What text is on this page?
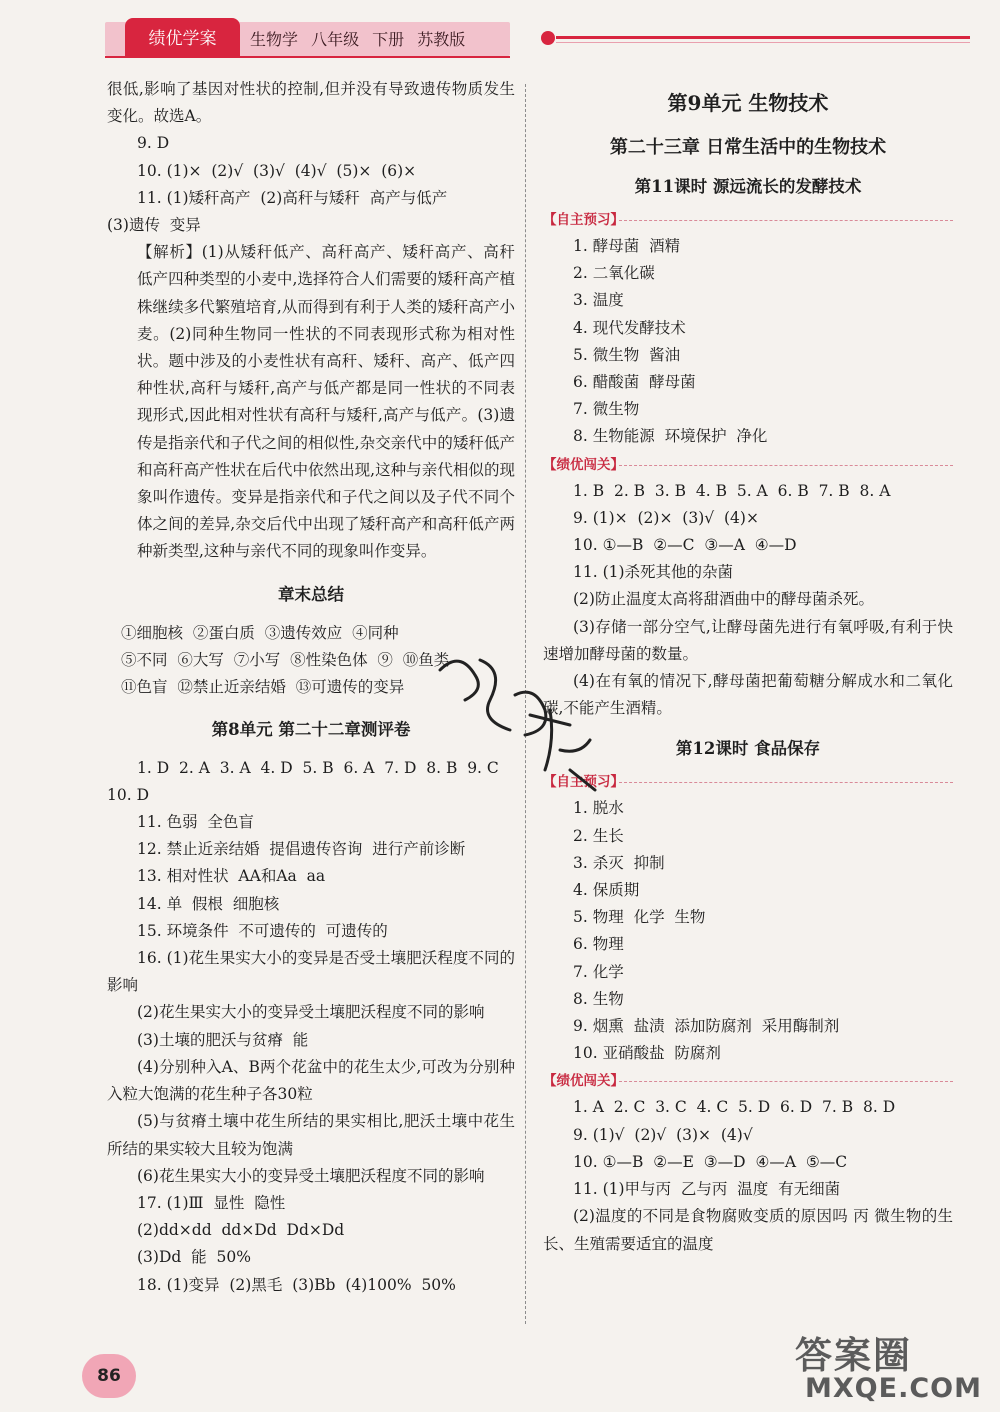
绩优学案	生物学 八年级 下册 苏教版

很低,影响了基因对性状的控制,但并没有导致遗传物质发生变化。故选A。

9. D

10. (1)×  (2)√  (3)√  (4)√  (5)×  (6)×

11. (1)矮秆高产  (2)高秆与矮秆  高产与低产

(3)遗传  变异

【解析】(1)从矮秆低产、高秆高产、矮秆高产、高秆低产四种类型的小麦中,选择符合人们需要的矮秆高产植株继续多代繁殖培育,从而得到有利于人类的矮秆高产小麦。(2)同种生物同一性状的不同表现形式称为相对性状。题中涉及的小麦性状有高秆、矮秆、高产、低产四种性状,高秆与矮秆,高产与低产都是同一性状的不同表现形式,因此相对性状有高秆与矮秆,高产与低产。(3)遗传是指亲代和子代之间的相似性,杂交亲代中的矮秆低产和高秆高产性状在后代中依然出现,这种与亲代相似的现象叫作遗传。变异是指亲代和子代之间以及子代不同个体之间的差异,杂交后代中出现了矮秆高产和高秆低产两种新类型,这种与亲代不同的现象叫作变异。

章末总结

①细胞核  ②蛋白质  ③遗传效应  ④同种

⑤不同  ⑥大写  ⑦小写  ⑧性染色体  ⑨  ⑩鱼类

⑪色盲  ⑫禁止近亲结婚  ⑬可遗传的变异

第8单元 第二十二章测评卷

1. D  2. A  3. A  4. D  5. B  6. A  7. D  8. B  9. C

10. D

11. 色弱  全色盲

12. 禁止近亲结婚  提倡遗传咨询  进行产前诊断

13. 相对性状  AA和Aa  aa

14. 单  假根  细胞核

15. 环境条件  不可遗传的  可遗传的

16. (1)花生果实大小的变异是否受土壤肥沃程度不同的影响

(2)花生果实大小的变异受土壤肥沃程度不同的影响

(3)土壤的肥沃与贫瘠  能

(4)分别种入A、B两个花盆中的花生太少,可改为分别种入粒大饱满的花生种子各30粒

(5)与贫瘠土壤中花生所结的果实相比,肥沃土壤中花生所结的果实较大且较为饱满

(6)花生果实大小的变异受土壤肥沃程度不同的影响

17. (1)Ⅲ  显性  隐性

(2)dd×dd  dd×Dd  Dd×Dd

(3)Dd  能  50%

18. (1)变异  (2)黑毛  (3)Bb  (4)100%  50%

第9单元 生物技术
第二十三章 日常生活中的生物技术
第11课时 源远流长的发酵技术
【自主预习】

1. 酵母菌  酒精

2. 二氧化碳

3. 温度

4. 现代发酵技术

5. 微生物  酱油

6. 醋酸菌  酵母菌

7. 微生物

8. 生物能源  环境保护  净化

【绩优闯关】

1. B  2. B  3. B  4. B  5. A  6. B  7. B  8. A

9. (1)×  (2)×  (3)√  (4)×

10. ①—B  ②—C  ③—A  ④—D

11. (1)杀死其他的杂菌

(2)防止温度太高将甜酒曲中的酵母菌杀死。

(3)存储一部分空气,让酵母菌先进行有氧呼吸,有利于快速增加酵母菌的数量。

(4)在有氧的情况下,酵母菌把葡萄糖分解成水和二氧化碳,不能产生酒精。

第12课时 食品保存
【自主预习】

1. 脱水

2. 生长

3. 杀灭  抑制

4. 保质期

5. 物理  化学  生物

6. 物理

7. 化学

8. 生物

9. 烟熏  盐渍  添加防腐剂  采用酶制剂

10. 亚硝酸盐  防腐剂

【绩优闯关】

1. A  2. C  3. C  4. C  5. D  6. D  7. B  8. D

9. (1)√  (2)√  (3)×  (4)√

10. ①—B  ②—E  ③—D  ④—A  ⑤—C

11. (1)甲与丙  乙与丙  温度  有无细菌

(2)温度的不同是食物腐败变质的原因吗 丙 微生物的生长、生殖需要适宜的温度

86	答案圈
MXQE.COM
